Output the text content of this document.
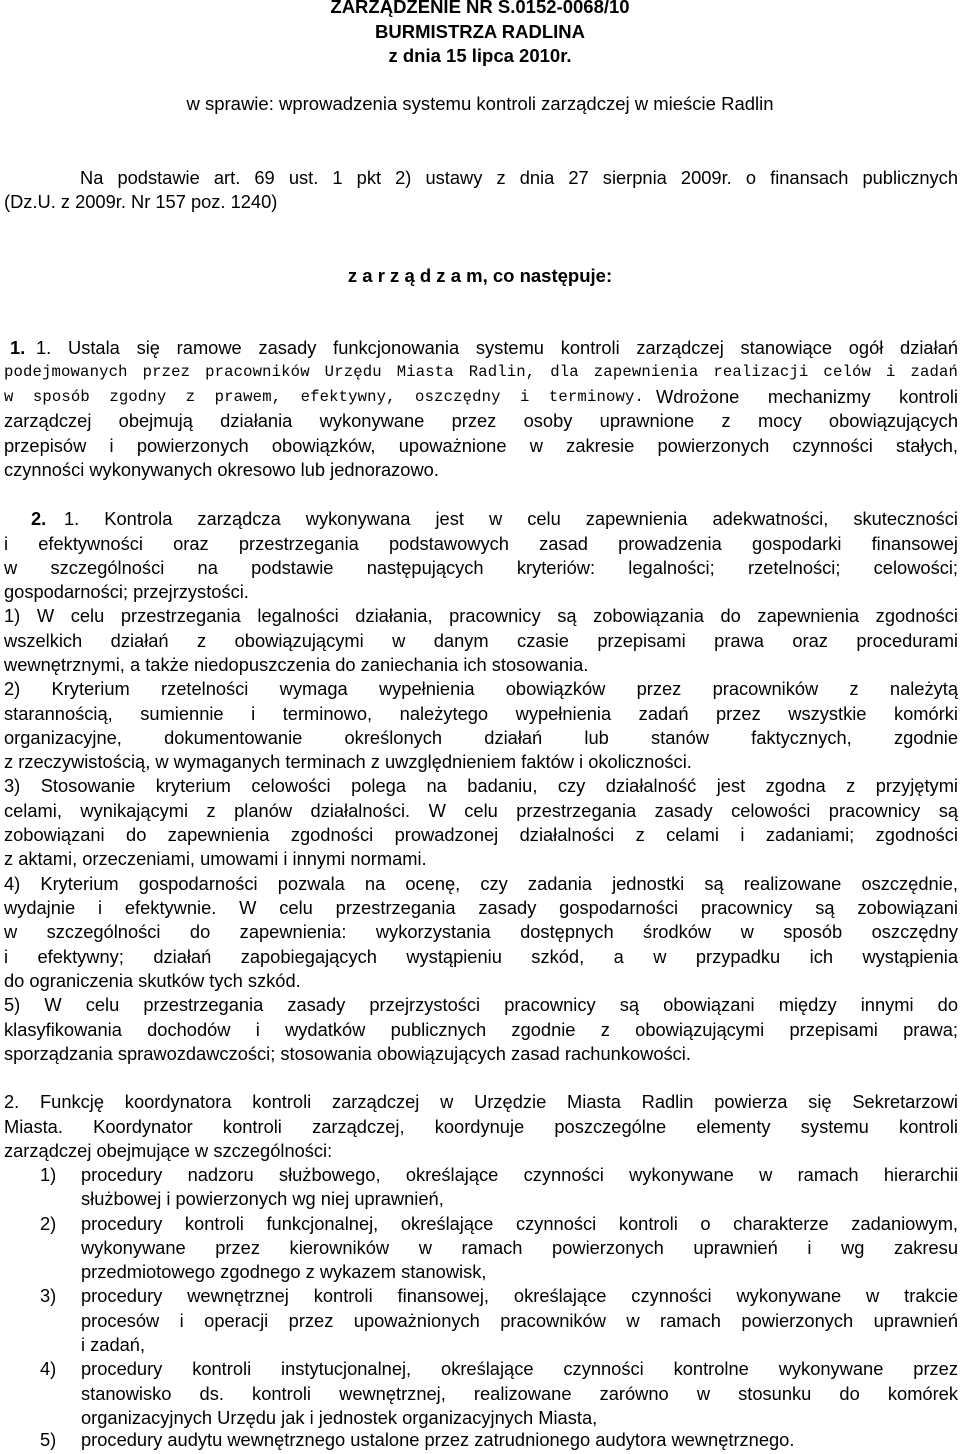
ZARZĄDZENIE NR S.0152-0068/10
BURMISTRZA RADLINA
z dnia 15 lipca 2010r.
w sprawie: wprowadzenia systemu kontroli zarządczej w mieście Radlin
Na podstawie art. 69 ust. 1 pkt 2) ustawy z dnia 27 sierpnia 2009r. o finansach publicznych
(Dz.U. z 2009r. Nr 157 poz. 1240)
z a r z ą d z a m, co następuje:
1. 1. Ustala się ramowe zasady funkcjonowania systemu kontroli zarządczej stanowiące ogół działań
podejmowanych przez pracowników Urzędu Miasta Radlin, dla zapewnienia realizacji celów i zadań
w sposób zgodny z prawem, efektywny, oszczędny i terminowy. Wdrożone mechanizmy kontroli
zarządczej obejmują działania wykonywane przez osoby uprawnione z mocy obowiązujących
przepisów i powierzonych obowiązków, upoważnione w zakresie powierzonych czynności stałych,
czynności wykonywanych okresowo lub jednorazowo.
2. 1. Kontrola zarządcza wykonywana jest w celu zapewnienia adekwatności, skuteczności
i efektywności oraz przestrzegania podstawowych zasad prowadzenia gospodarki finansowej
w szczególności na podstawie następujących kryteriów: legalności; rzetelności; celowości;
gospodarności; przejrzystości.
1) W celu przestrzegania legalności działania, pracownicy są zobowiązania do zapewnienia zgodności
wszelkich działań z obowiązującymi w danym czasie przepisami prawa oraz procedurami
wewnętrznymi, a także niedopuszczenia do zaniechania ich stosowania.
2) Kryterium rzetelności wymaga wypełnienia obowiązków przez pracowników z należytą
starannością, sumiennie i terminowo, należytego wypełnienia zadań przez wszystkie komórki
organizacyjne, dokumentowanie określonych działań lub stanów faktycznych, zgodnie
z rzeczywistością, w wymaganych terminach z uwzględnieniem faktów i okoliczności.
3) Stosowanie kryterium celowości polega na badaniu, czy działalność jest zgodna z przyjętymi
celami, wynikającymi z planów działalności. W celu przestrzegania zasady celowości pracownicy są
zobowiązani do zapewnienia zgodności prowadzonej działalności z celami i zadaniami; zgodności
z aktami, orzeczeniami, umowami i innymi normami.
4) Kryterium gospodarności pozwala na ocenę, czy zadania jednostki są realizowane oszczędnie,
wydajnie i efektywnie. W celu przestrzegania zasady gospodarności pracownicy są zobowiązani
w szczególności do zapewnienia: wykorzystania dostępnych środków w sposób oszczędny
i efektywny; działań zapobiegających wystąpieniu szkód, a w przypadku ich wystąpienia
do ograniczenia skutków tych szkód.
5) W celu przestrzegania zasady przejrzystości pracownicy są obowiązani między innymi do
klasyfikowania dochodów i wydatków publicznych zgodnie z obowiązującymi przepisami prawa;
sporządzania sprawozdawczości; stosowania obowiązujących zasad rachunkowości.
2. Funkcję koordynatora kontroli zarządczej w Urzędzie Miasta Radlin powierza się Sekretarzowi
Miasta. Koordynator kontroli zarządczej, koordynuje poszczególne elementy systemu kontroli
zarządczej obejmujące w szczególności:
1) procedury nadzoru służbowego, określające czynności wykonywane w ramach hierarchii
służbowej i powierzonych wg niej uprawnień,
2) procedury kontroli funkcjonalnej, określające czynności kontroli o charakterze zadaniowym,
wykonywane przez kierowników w ramach powierzonych uprawnień i wg zakresu
przedmiotowego zgodnego z wykazem stanowisk,
3) procedury wewnętrznej kontroli finansowej, określające czynności wykonywane w trakcie
procesów i operacji przez upoważnionych pracowników w ramach powierzonych uprawnień
i zadań,
4) procedury kontroli instytucjonalnej, określające czynności kontrolne wykonywane przez
stanowisko ds. kontroli wewnętrznej, realizowane zarówno w stosunku do komórek
organizacyjnych Urzędu jak i jednostek organizacyjnych Miasta,
5) procedury audytu wewnętrznego ustalone przez zatrudnionego audytora wewnętrznego.
